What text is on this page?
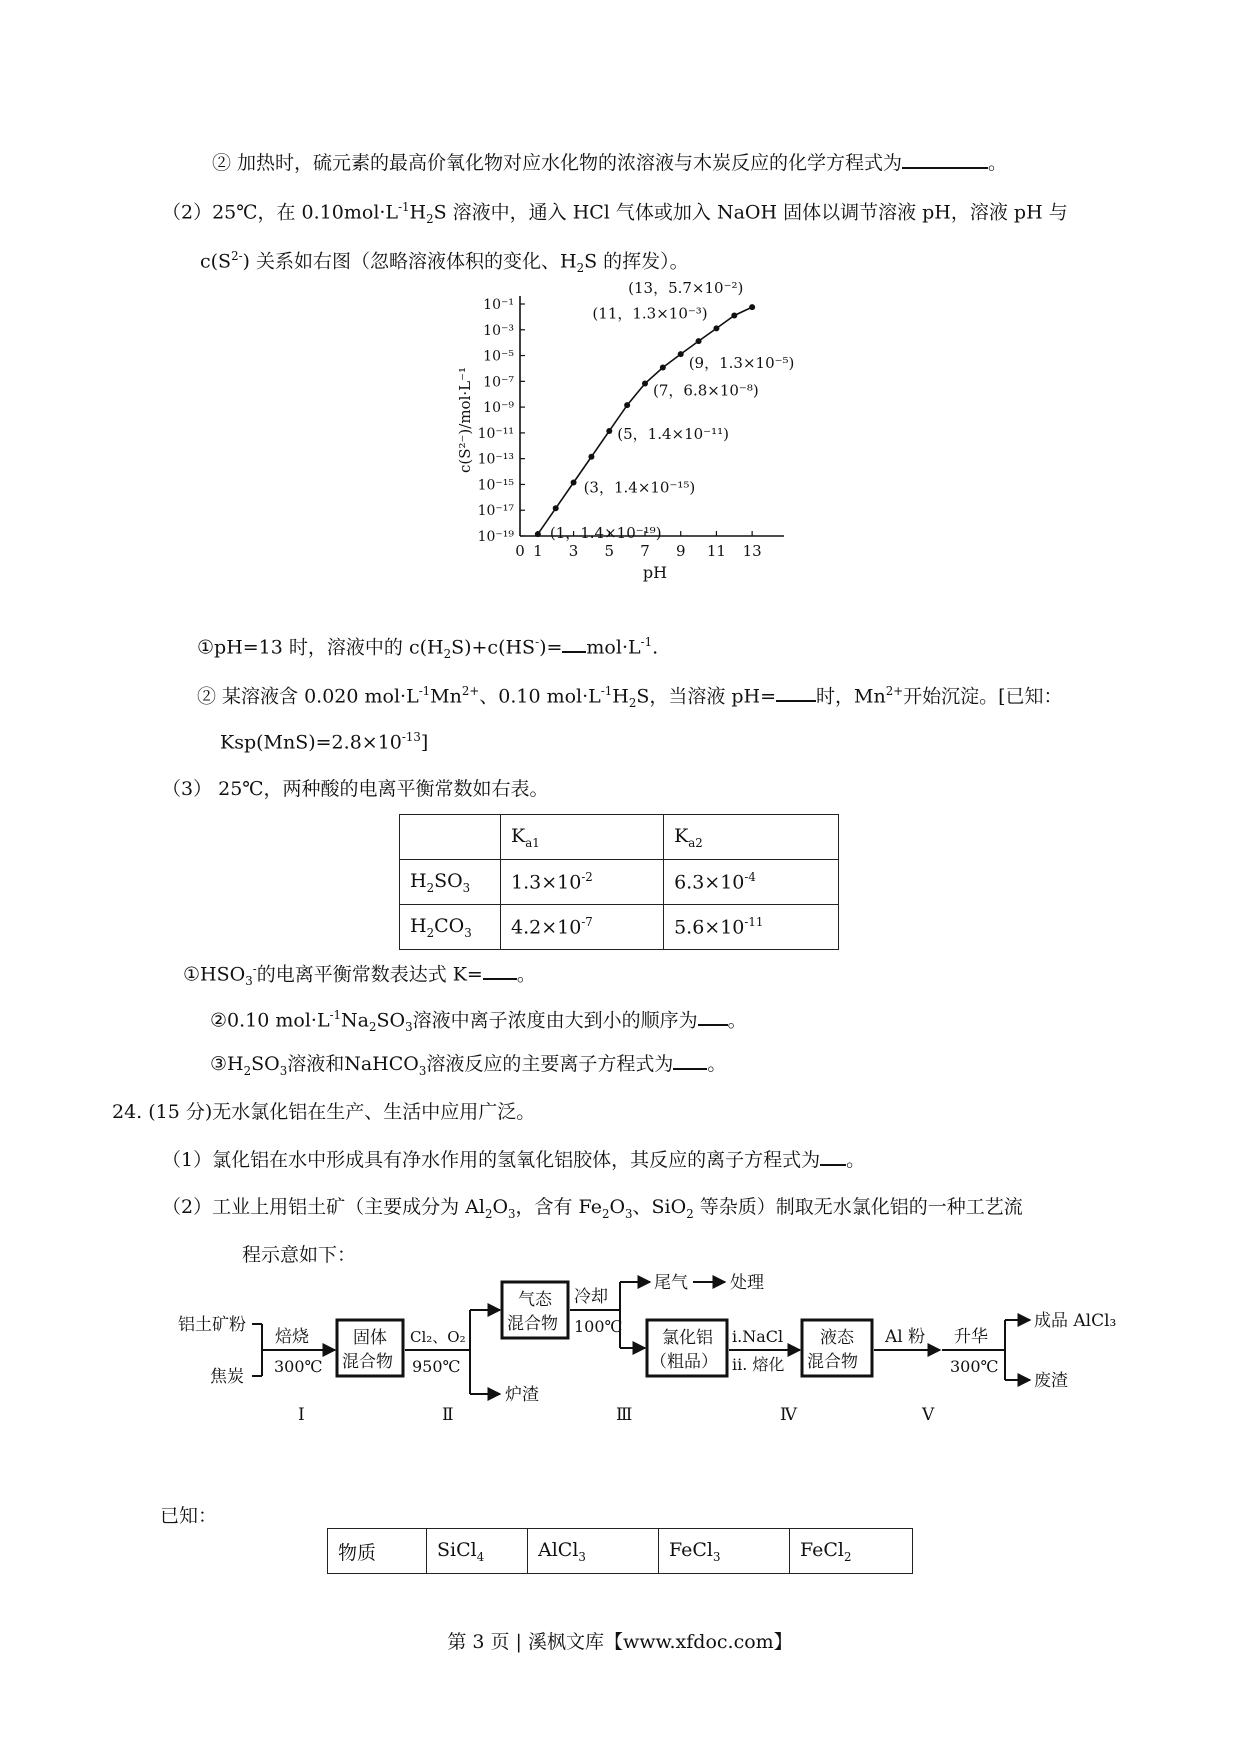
② 加热时，硫元素的最高价氧化物对应水化物的浓溶液与木炭反应的化学方程式为	。
（2）25℃，在 $0.10mol\cdot L^{-1}H_2S$ 溶液中，通入 HCl 气体或加入 NaOH 固体以调节溶液 pH，溶液 pH 与
$c(S^{2-})$ 关系如右图（忽略溶液体积的变化、$H_2S$ 的挥发）。
10⁻¹
10⁻³
10⁻⁵
10⁻⁷
10⁻⁹
10⁻¹¹
10⁻¹³
10⁻¹⁵
10⁻¹⁷
10⁻¹⁹
0 1 3 5 7 9 11 13
pH
c(S²⁻)/mol·L⁻¹
(1，1.4×10⁻¹⁹)
(3，1.4×10⁻¹⁵)
(5，1.4×10⁻¹¹)
(7，6.8×10⁻⁸)
(9，1.3×10⁻⁵)
(11，1.3×10⁻³)
(13，5.7×10⁻²)
①pH=13 时，溶液中的 $c(H_2S)+c(HS^-)= mol\cdot L^{-1}$.
② 某溶液含 0.020 $mol\cdot L^{-1}Mn^{2+}$、0.10 $mol\cdot L^{-1}H_2S$，当溶液 pH= 时，$Mn^{2+}$开始沉淀。[已知：
$Ksp(MnS)=2.8\times 10^{-13}$]
（3） 25℃，两种酸的电离平衡常数如右表。
	$K_{a1}$	$K_{a2}$
$H_2SO_3$	$1.3\times 10^{-2}$	$6.3\times 10^{-4}$
$H_2CO_3$	$4.2\times 10^{-7}$	$5.6\times 10^{-11}$
$①HSO_3^-$的电离平衡常数表达式 K= 。
②0.10 $mol\cdot L^{-1}Na_2SO_3$溶液中离子浓度由大到小的顺序为 。
$③H_2SO_3$溶液和NaHCO$_3$溶液反应的主要离子方程式为 。
24. (15 分)无水氯化铝在生产、生活中应用广泛。
（1）氯化铝在水中形成具有净水作用的氢氧化铝胶体，其反应的离子方程式为 。
（2）工业上用铝土矿（主要成分为 $Al_2O_3$，含有 $Fe_2O_3$、SiO$_2$ 等杂质）制取无水氯化铝的一种工艺流
程示意如下：
铝土矿粉
焦炭
焙烧
300℃
固体
混合物
Cl₂、O₂
950℃
炉渣
气态
混合物
冷却
100℃
尾气 处理
氯化铝
（粗品）
i.NaCl
ii. 熔化
液态
混合物
Al 粉 升华
300℃
成品 AlCl₃
废渣
Ⅰ	Ⅱ	Ⅲ	Ⅳ	Ⅴ
已知：
物质	SiCl$_4$	AlCl$_3$	FeCl$_3$	FeCl$_2$
第 3 页 | 溪枫文库【www.xfdoc.com】
